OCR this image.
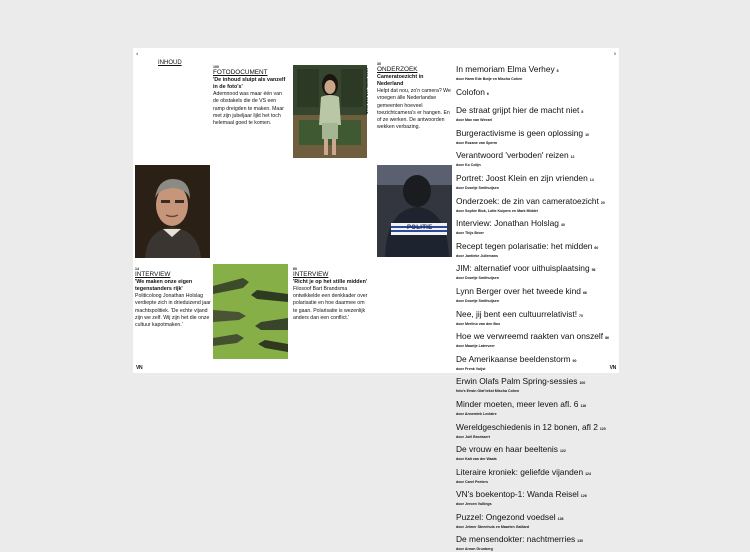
4	5
INHOUD
100
FOTODOCUMENT
'De inhoud sluipt als vanzelf in de foto's'
Ademnood was maar één van de obstakels die de VS een ramp dreigden te maken. Maar met zijn jubeljaar lijkt het toch helemaal goed te komen.
FOTO HIDDE VAN DER VEEN
30
ONDERZOEK
Cameratoezicht in Nederland
Helpt dat nou, zo'n camera? We vroegen álle Nederlandse gemeenten hoeveel toezichtcamera's er hangen. En of ze werken. De antwoorden wekken verbazing.
POLITIE
14
INTERVIEW
'We maken onze eigen tegenstanders rijk'
Politicoloog Jonathan Holslag verdiepte zich in drieduizend jaar machtspolitiek. 'De echte vijand zijn we zelf. Wij zijn het die onze cultuur kapotmaken.'
60
INTERVIEW
'Richt je op het stille midden'
Filosoof Bart Brandsma ontwikkelde een denkkader over polarisatie en hoe daarmee om te gaan. Polarisatie is wezenlijk anders dan een conflict.'
In memoriam Elma Verhey 8
door Harm Ede Botje en Mischa Cohen
Colofon 6
De straat grijpt hier de macht niet 8
door Max van Weezel
Burgeractivisme is geen oplossing 10
door Rozane van Sperm
Verantwoord 'verboden' reizen 12
door Ko Colijn
Portret: Joost Klein en zijn vrienden 14
door Doortje Smithuijsen
Onderzoek: de zin van cameratoezicht 20
door Sophie Blok, Lotte Kuipers en Mark Middel
Interview: Jonathan Holslag 40
door Thijs Broer
Recept tegen polarisatie: het midden 60
door Jantieke Jullemans
JIM: alternatief voor uithuisplaatsing 56
door Doortje Smithuijsen
Lynn Berger over het tweede kind 66
door Doortje Smithuijsen
Nee, jij bent een cultuurrelativist! 70
door Merlino van den Bos
Hoe we verwreemd raakten van onszelf 86
door Maartje Laterveer
De Amerikaanse beeldenstorm 90
door Frenk Vuijst
Erwin Olafs Palm Spring-sessies 100
foto's Erwin Olaf tekst Mischa Cohen
Minder moeten, meer leven afl. 6 116
door Annemiek Leclaire
Wereldgeschiedenis in 12 bonen, afl 2 120
door Joël Broekaert
De vrouw en haar beeltenis 122
door Kati van der Waals
Literaire kroniek: geliefde vijanden 124
door Carel Peeters
VN's boekentop-1: Wanda Reisel 126
door Jeroen Vullings
Puzzel: Ongezond voedsel 128
door Jelmer Steenhuis en Maarten Gaillard
De mensendokter: nachtmerries 130
door Arnon Grunberg
VN	VN
